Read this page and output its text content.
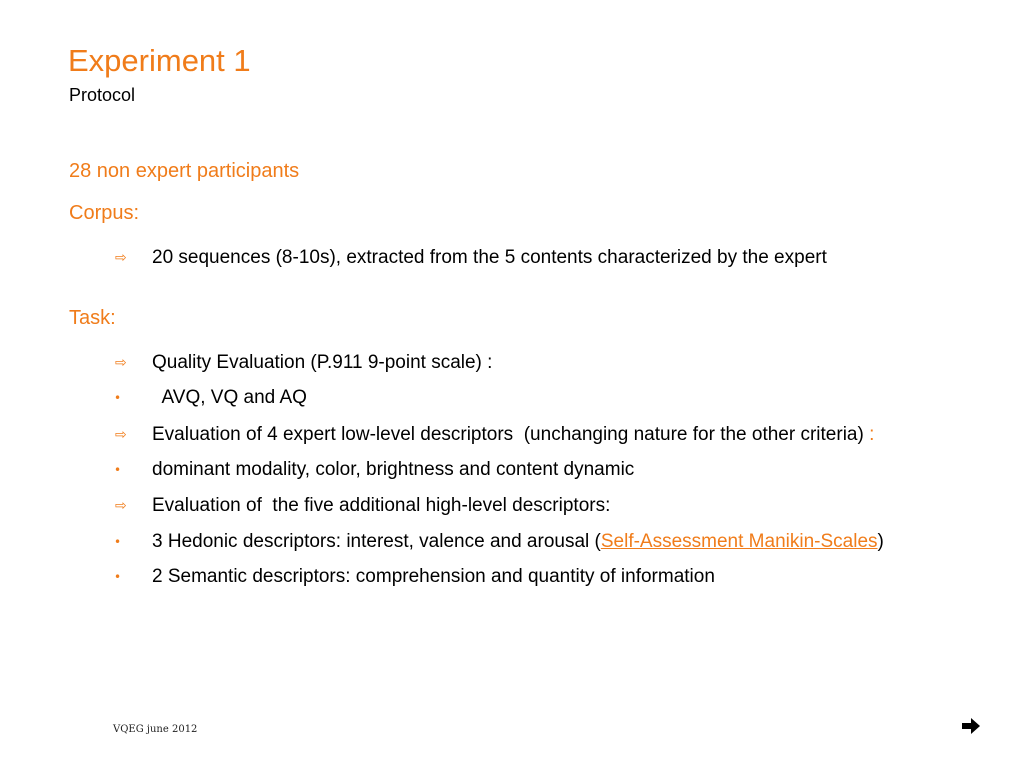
Experiment 1
Protocol
28 non expert participants
Corpus:
⇨	20 sequences (8-10s), extracted from the 5 contents characterized by the expert
Task:
⇨	Quality Evaluation (P.911 9-point scale) :
•	AVQ, VQ and AQ
⇨	Evaluation of 4 expert low-level descriptors  (unchanging nature for the other criteria) :
•	dominant modality, color, brightness and content dynamic
⇨	Evaluation of  the five additional high-level descriptors:
•	3 Hedonic descriptors: interest, valence and arousal (Self-Assessment Manikin-Scales)
•	2 Semantic descriptors: comprehension and quantity of information
VQEG june 2012
